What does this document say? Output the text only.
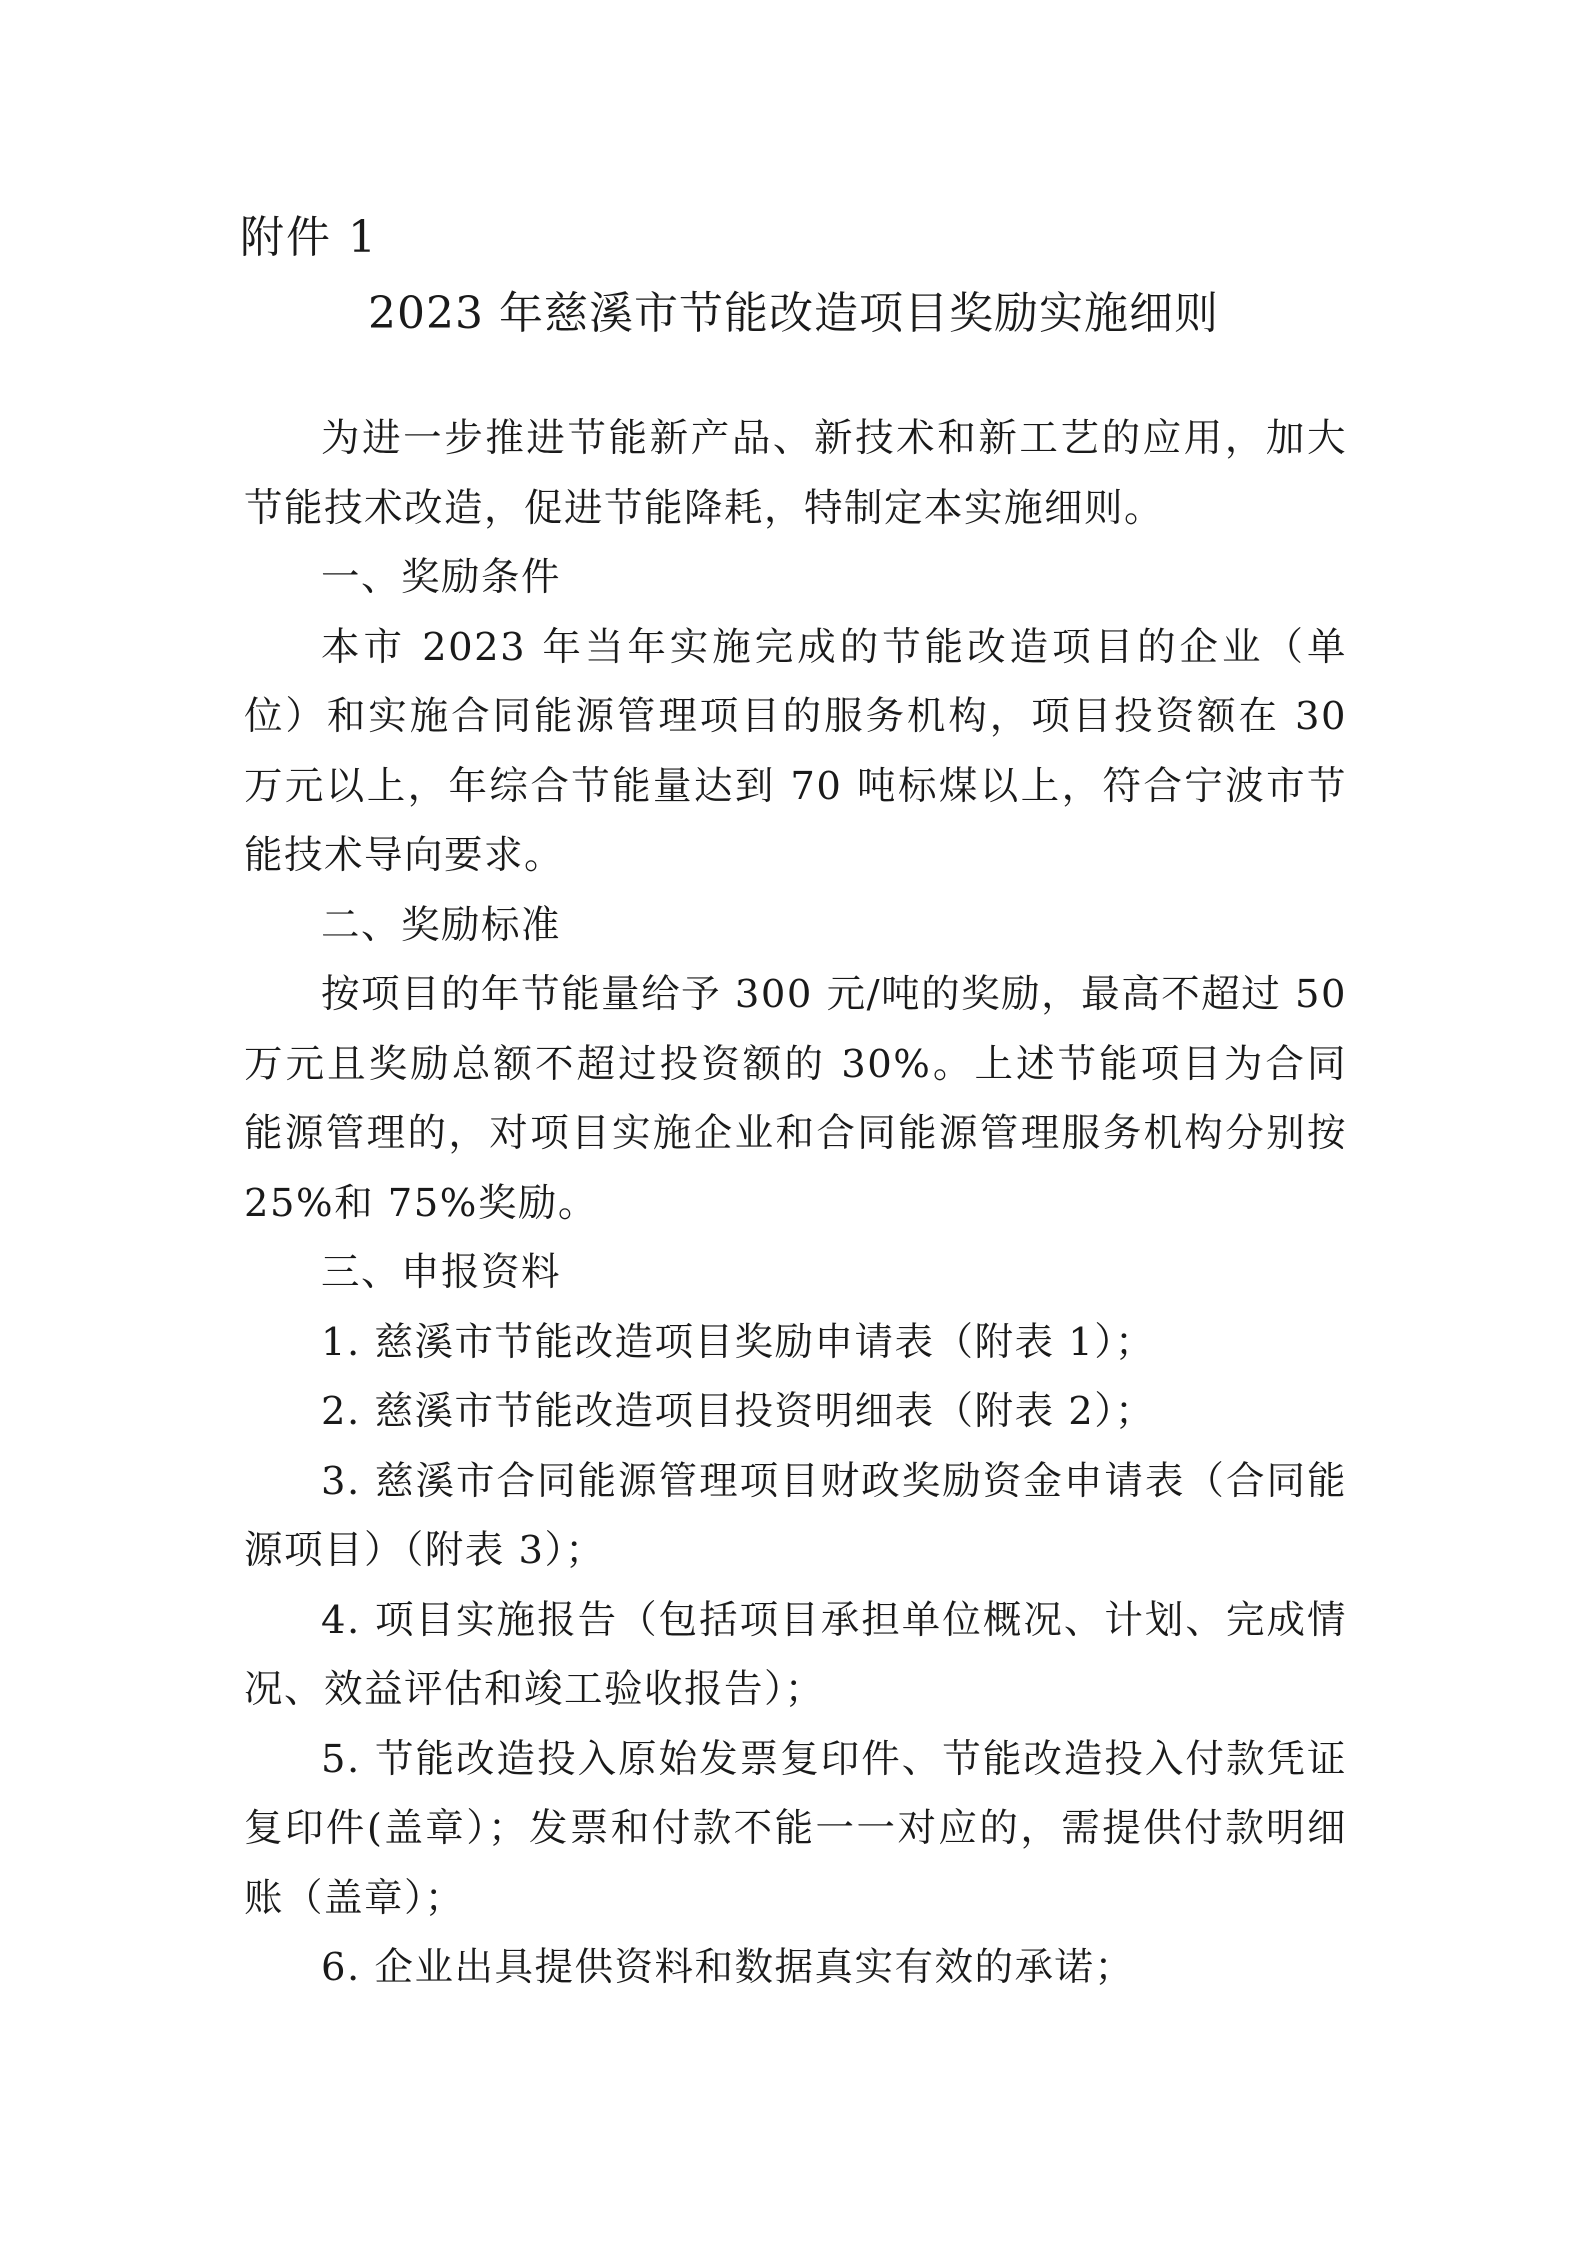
附件 1
2023 年慈溪市节能改造项目奖励实施细则

为进一步推进节能新产品、新技术和新工艺的应用，加大节能技术改造，促进节能降耗，特制定本实施细则。

一、奖励条件

本市 2023 年当年实施完成的节能改造项目的企业（单位）和实施合同能源管理项目的服务机构，项目投资额在 30 万元以上，年综合节能量达到 70 吨标煤以上，符合宁波市节能技术导向要求。

二、奖励标准

按项目的年节能量给予 300 元/吨的奖励，最高不超过 50 万元且奖励总额不超过投资额的 30%。上述节能项目为合同能源管理的，对项目实施企业和合同能源管理服务机构分别按 25%和 75%奖励。

三、申报资料

1. 慈溪市节能改造项目奖励申请表（附表 1）；

2. 慈溪市节能改造项目投资明细表（附表 2）；

3. 慈溪市合同能源管理项目财政奖励资金申请表（合同能源项目）（附表 3）；

4. 项目实施报告（包括项目承担单位概况、计划、完成情况、效益评估和竣工验收报告）；

5. 节能改造投入原始发票复印件、节能改造投入付款凭证复印件(盖章）；发票和付款不能一一对应的，需提供付款明细账（盖章）；

6. 企业出具提供资料和数据真实有效的承诺；
